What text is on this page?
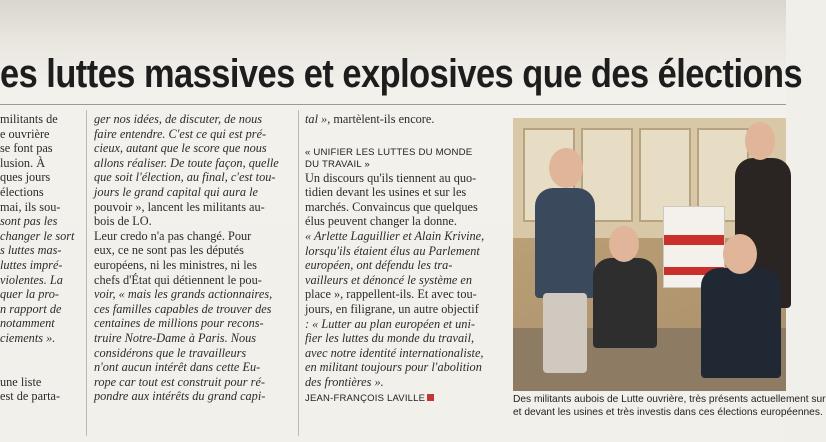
es luttes massives et explosives que des élections
militants de
e ouvrière
se font pas
lusion. À
ques jours
élections
mai, ils sou-
sont pas les
changer le sort
s luttes mas-
luttes impré-
violentes. La
quer la pro-
n rapport de
notamment
ciements ».

une liste
est de parta-
ger nos idées, de discuter, de nous
faire entendre. C'est ce qui est pré-
cieux, autant que le score que nous
allons réaliser. De toute façon, quelle
que soit l'élection, au final, c'est tou-
jours le grand capital qui aura le
pouvoir », lancent les militants au-
bois de LO.
Leur credo n'a pas changé. Pour
eux, ce ne sont pas les députés
européens, ni les ministres, ni les
chefs d'État qui détiennent le pou-
voir, « mais les grands actionnaires,
ces familles capables de trouver des
centaines de millions pour recons-
truire Notre-Dame à Paris. Nous
considérons que le travailleurs
n'ont aucun intérêt dans cette Eu-
rope car tout est construit pour ré-
pondre aux intérêts du grand capi-

tal », martèlent-ils encore.

« UNIFIER LES LUTTES DU MONDE
DU TRAVAIL »
Un discours qu'ils tiennent au quo-
tidien devant les usines et sur les
marchés. Convaincus que quelques
élus peuvent changer la donne.
« Arlette Laguillier et Alain Krivine,
lorsqu'ils étaient élus au Parlement
européen, ont défendu les tra-
vailleurs et dénoncé le système en
place », rappellent-ils. Et avec tou-
jours, en filigrane, un autre objectif
: « Lutter au plan européen et uni-
fier les luttes du monde du travail,
avec notre identité internationaliste,
en militant toujours pour l'abolition
des frontières ».
JEAN-FRANÇOIS LAVILLE	Des militants aubois de Lutte ouvrière, très présents actuellement sur
et devant les usines et très investis dans ces élections européennes.
